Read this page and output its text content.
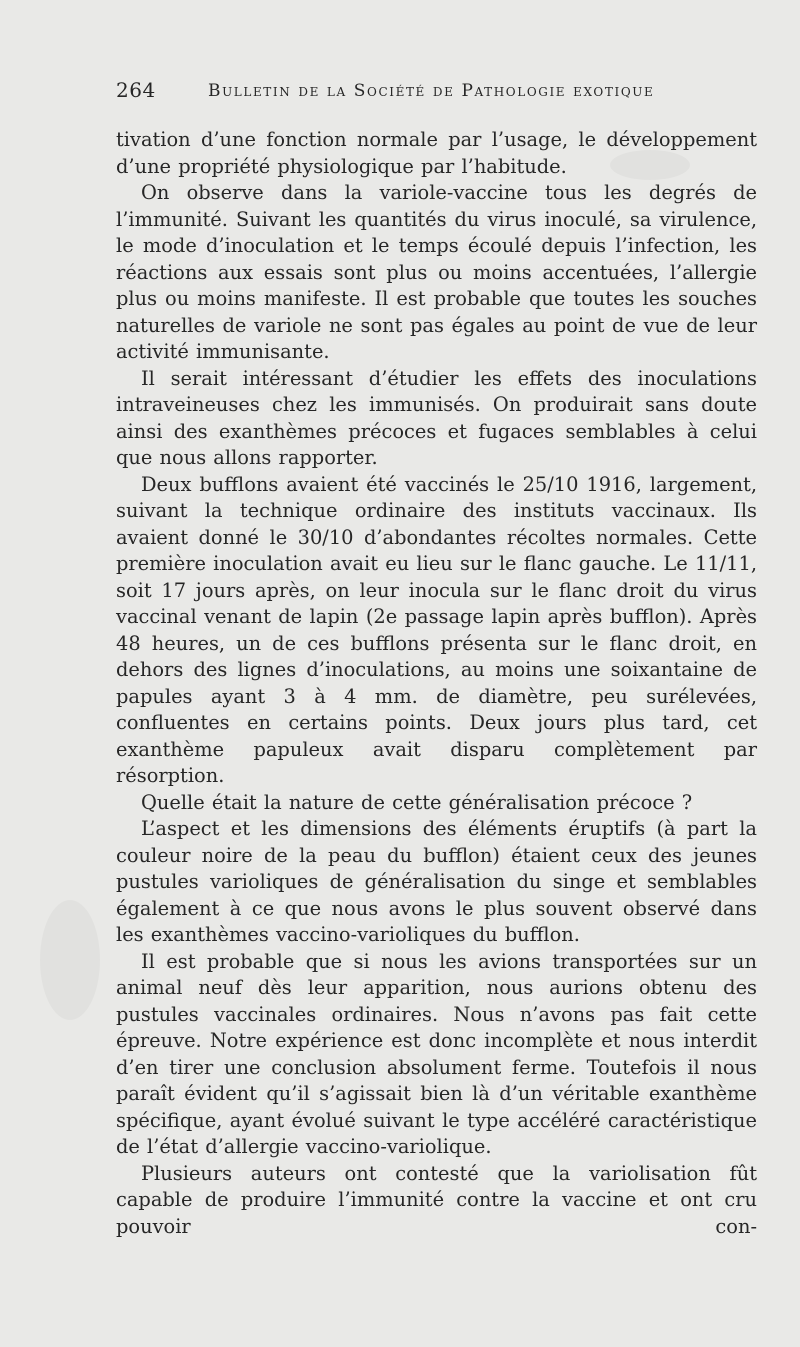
264	Bulletin de la Société de Pathologie exotique

tivation d’une fonction normale par l’usage, le développement d’une propriété physiologique par l’habitude.

On observe dans la variole-vaccine tous les degrés de l’immunité. Suivant les quantités du virus inoculé, sa virulence, le mode d’inoculation et le temps écoulé depuis l’infection, les réactions aux essais sont plus ou moins accentuées, l’allergie plus ou moins manifeste. Il est probable que toutes les souches naturelles de variole ne sont pas égales au point de vue de leur activité immunisante.

Il serait intéressant d’étudier les effets des inoculations intraveineuses chez les immunisés. On produirait sans doute ainsi des exanthèmes précoces et fugaces semblables à celui que nous allons rapporter.

Deux bufflons avaient été vaccinés le 25/10 1916, largement, suivant la technique ordinaire des instituts vaccinaux. Ils avaient donné le 30/10 d’abondantes récoltes normales. Cette première inoculation avait eu lieu sur le flanc gauche. Le 11/11, soit 17 jours après, on leur inocula sur le flanc droit du virus vaccinal venant de lapin (2e passage lapin après bufflon). Après 48 heures, un de ces bufflons présenta sur le flanc droit, en dehors des lignes d’inoculations, au moins une soixantaine de papules ayant 3 à 4 mm. de diamètre, peu surélevées, confluentes en certains points. Deux jours plus tard, cet exanthème papuleux avait disparu complètement par résorption.

Quelle était la nature de cette généralisation précoce ?

L’aspect et les dimensions des éléments éruptifs (à part la couleur noire de la peau du bufflon) étaient ceux des jeunes pustules varioliques de généralisation du singe et semblables également à ce que nous avons le plus souvent observé dans les exanthèmes vaccino-varioliques du bufflon.

Il est probable que si nous les avions transportées sur un animal neuf dès leur apparition, nous aurions obtenu des pustules vaccinales ordinaires. Nous n’avons pas fait cette épreuve. Notre expérience est donc incomplète et nous interdit d’en tirer une conclusion absolument ferme. Toutefois il nous paraît évident qu’il s’agissait bien là d’un véritable exanthème spécifique, ayant évolué suivant le type accéléré caractéristique de l’état d’allergie vaccino-variolique.

Plusieurs auteurs ont contesté que la variolisation fût capable de produire l’immunité contre la vaccine et ont cru pouvoir con-
